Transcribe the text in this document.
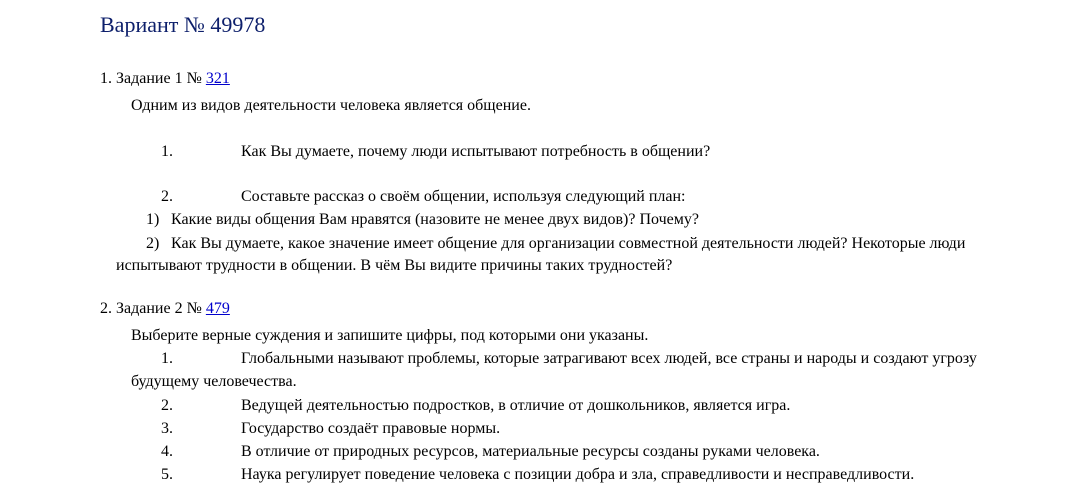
Вариант № 49978
1. Задание 1 № 321
Одним из видов деятельности человека является общение.
1.	Как Вы думаете, почему люди испытывают потребность в общении?
2.	Составьте рассказ о своём общении, используя следующий план:
1) Какие виды общения Вам нравятся (назовите не менее двух видов)? Почему?
2) Как Вы думаете, какое значение имеет общение для организации совместной деятельности людей? Некоторые люди
испытывают трудности в общении. В чём Вы видите причины таких трудностей?
2. Задание 2 № 479
Выберите верные суждения и запишите цифры, под которыми они указаны.
1.	Глобальными называют проблемы, которые затрагивают всех людей, все страны и народы и создают угрозу
будущему человечества.
2.	Ведущей деятельностью подростков, в отличие от дошкольников, является игра.
3.	Государство создаёт правовые нормы.
4.	В отличие от природных ресурсов, материальные ресурсы созданы руками человека.
5.	Наука регулирует поведение человека с позиции добра и зла, справедливости и несправедливости.
